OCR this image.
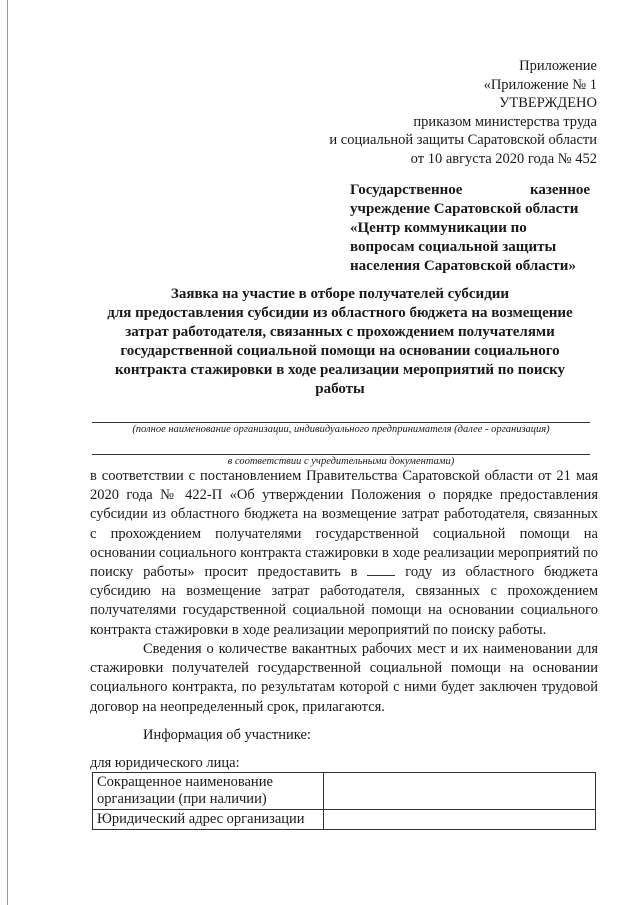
Приложение
«Приложение № 1
УТВЕРЖДЕНО
приказом министерства труда
и социальной защиты Саратовской области
от 10 августа 2020 года № 452
Государственное	казенное
учреждение Саратовской области
«Центр коммуникации по
вопросам социальной защиты
населения Саратовской области»
Заявка на участие в отборе получателей субсидии
для предоставления субсидии из областного бюджета на возмещение
затрат работодателя, связанных с прохождением получателями
государственной социальной помощи на основании социального
контракта стажировки в ходе реализации мероприятий по поиску
работы
(полное наименование организации, индивидуального предпринимателя (далее - организация)
в соответствии с учредительными документами)

в соответствии с постановлением Правительства Саратовской области от 21 мая 2020 года № 422-П «Об утверждении Положения о порядке предоставления субсидии из областного бюджета на возмещение затрат работодателя, связанных с прохождением получателями государственной социальной помощи на основании социального контракта стажировки в ходе реализации мероприятий по поиску работы» просит предоставить в	году из областного бюджета субсидию на возмещение затрат работодателя, связанных с прохождением получателями государственной социальной помощи на основании социального контракта стажировки в ходе реализации мероприятий по поиску работы.

Сведения о количестве вакантных рабочих мест и их наименовании для стажировки получателей государственной социальной помощи на основании социального контракта, по результатам которой с ними будет заключен трудовой договор на неопределенный срок, прилагаются.

Информация об участнике:
для юридического лица:
Сокращенное наименование организации (при наличии)	
Юридический адрес организации	
